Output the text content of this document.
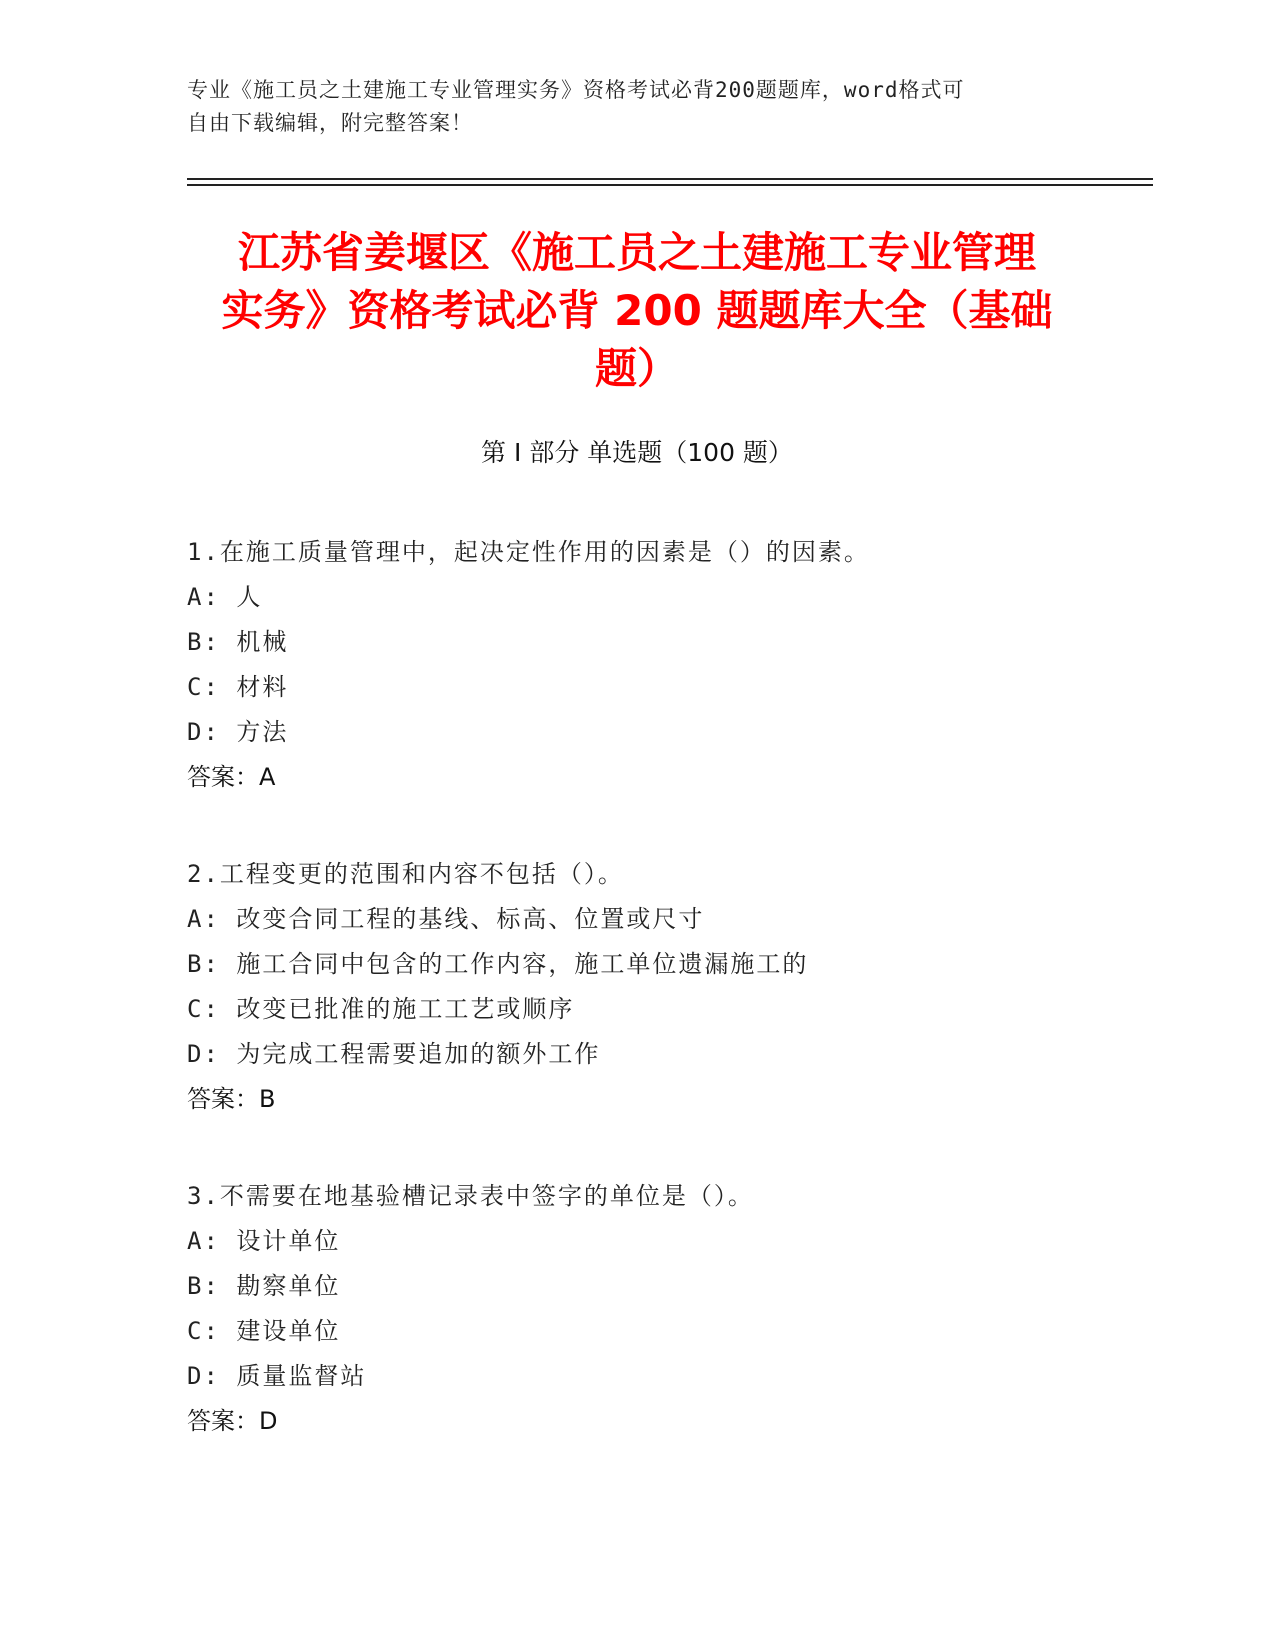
专业《施工员之土建施工专业管理实务》资格考试必背200题题库，word格式可
自由下载编辑，附完整答案！
江苏省姜堰区《施工员之土建施工专业管理
实务》资格考试必背 200 题题库大全（基础
题）
第 I 部分 单选题（100 题）
1.在施工质量管理中，起决定性作用的因素是（）的因素。
A: 人
B: 机械
C: 材料
D: 方法
答案：A
2.工程变更的范围和内容不包括（）。
A: 改变合同工程的基线、标高、位置或尺寸
B: 施工合同中包含的工作内容，施工单位遗漏施工的
C: 改变已批准的施工工艺或顺序
D: 为完成工程需要追加的额外工作
答案：B
3.不需要在地基验槽记录表中签字的单位是（）。
A: 设计单位
B: 勘察单位
C: 建设单位
D: 质量监督站
答案：D
